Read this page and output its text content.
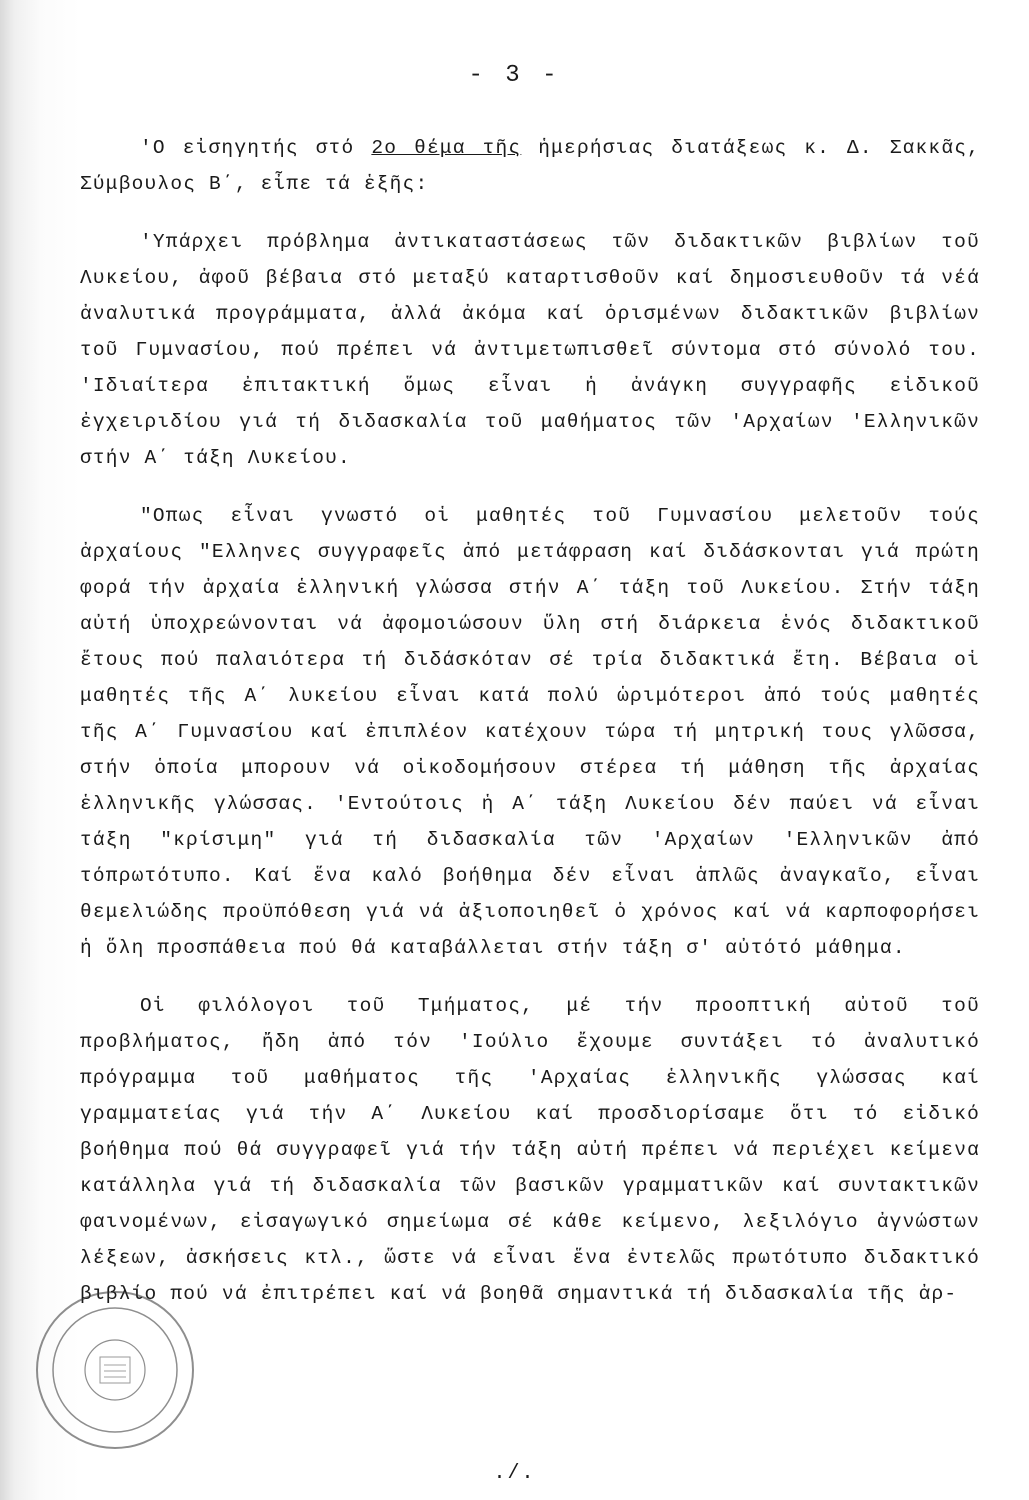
- 3 -

'Ο εἰσηγητής στό 2ο θέμα τῆς ἡμερήσιας διατάξεως κ. Δ. Σακκᾶς, Σύμβουλος Β΄, εἶπε τά ἑξῆς:

'Υπάρχει πρόβλημα ἀντικαταστάσεως τῶν διδακτικῶν βιβλίων τοῦ Λυκείου, ἀφοῦ βέβαια στό μεταξύ καταρτισθοῦν καί δημοσιευθοῦν τά νέά ἀναλυτικά προγράμματα, ἀλλά ἀκόμα καί ὁρισμένων διδακτικῶν βιβλίων τοῦ Γυμνασίου, πού πρέπει νά ἀντιμετωπισθεῖ σύντομα στό σύνολό του. 'Ιδιαίτερα ἐπιτακτική ὅμως εἶναι ἡ ἀνάγκη συγγραφῆς εἰδικοῦ ἐγχειριδίου γιά τή διδασκαλία τοῦ μαθήματος τῶν 'Αρχαίων 'Ελληνικῶν στήν Α΄ τάξη Λυκείου.

"Οπως εἶναι γνωστό οἱ μαθητές τοῦ Γυμνασίου μελετοῦν τούς ἀρχαίους "Ελληνες συγγραφεῖς ἀπό μετάφραση καί διδάσκονται γιά πρώτη φορά τήν ἀρχαία ἑλληνική γλώσσα στήν Α΄ τάξη τοῦ Λυκείου. Στήν τάξη αὐτή ὑποχρεώνονται νά ἀφομοιώσουν ὕλη στή διάρκεια ἑνός διδακτικοῦ ἔτους πού παλαιότερα τή διδάσκόταν σέ τρία διδακτικά ἔτη. Βέβαια οἱ μαθητές τῆς Α΄ λυκείου εἶναι κατά πολύ ὡριμότεροι ἀπό τούς μαθητές τῆς Α΄ Γυμνασίου καί ἐπιπλέον κατέχουν τώρα τή μητρική τους γλῶσσα, στήν ὁποία μπορουν νά οἰκοδομήσουν στέρεα τή μάθηση τῆς ἀρχαίας ἑλληνικῆς γλώσσας. 'Εντούτοις ἡ Α΄ τάξη Λυκείου δέν παύει νά εἶναι τάξη "κρίσιμη" γιά τή διδασκαλία τῶν 'Αρχαίων 'Ελληνικῶν ἀπό τόπρωτότυπο. Καί ἕνα καλό βοήθημα δέν εἶναι ἁπλῶς ἀναγκαῖο, εἶναι θεμελιώδης προϋπόθεση γιά νά ἀξιοποιηθεῖ ὁ χρόνος καί νά καρποφορήσει ἡ ὅλη προσπάθεια πού θά καταβάλλεται στήν τάξη σ' αὐτότό μάθημα.

Οἱ φιλόλογοι τοῦ Τμήματος, μέ τήν προοπτική αὐτοῦ τοῦ προβλήματος, ἤδη ἀπό τόν 'Ιούλιο ἔχουμε συντάξει τό ἀναλυτικό πρόγραμμα τοῦ μαθήματος τῆς 'Αρχαίας ἑλληνικῆς γλώσσας καί γραμματείας γιά τήν Α΄ Λυκείου καί προσδιορίσαμε ὅτι τό εἰδικό βοήθημα πού θά συγγραφεῖ γιά τήν τάξη αὐτή πρέπει νά περιέχει κείμενα κατάλληλα γιά τή διδασκαλία τῶν βασικῶν γραμματικῶν καί συντακτικῶν φαινομένων, εἰσαγωγικό σημείωμα σέ κάθε κείμενο, λεξιλόγιο ἀγνώστων λέξεων, ἀσκήσεις κτλ., ὥστε νά εἶναι ἕνα ἐντελῶς πρωτότυπο διδακτικό βιβλίο πού νά ἐπιτρέπει καί νά βοηθᾶ σημαντικά τή διδασκαλία τῆς ἀρ-

./.
